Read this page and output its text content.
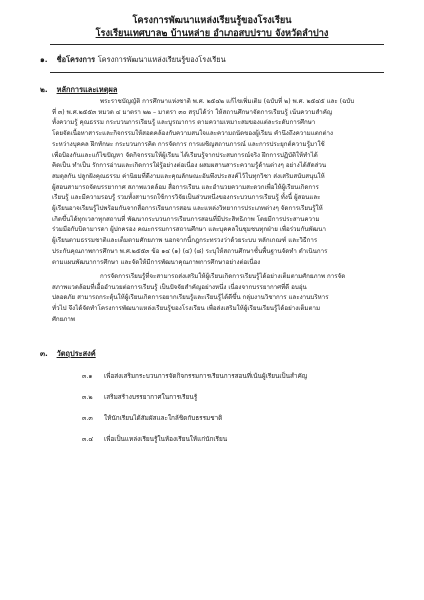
โครงการพัฒนาแหล่งเรียนรู้ของโรงเรียน
โรงเรียนเทศบาล๒ บ้านหล่าย อำเภอสบปราบ จังหวัดลำปาง
๑. ชื่อโครงการ โครงการพัฒนาแหล่งเรียนรู้ของโรงเรียน
๒. หลักการและเหตุผล
พระราชบัญญัติ การศึกษาแห่งชาติ พ.ศ. ๒๕๔๒ แก้ไขเพิ่มเติม (ฉบับที่ ๒) พ.ศ. ๒๕๔๕ และ (ฉบับ
ที่ ๓) พ.ศ.๒๕๕๓ หมวด ๔ มาตรา ๒๒ – มาตรา ๓๐ สรุปได้ว่า ให้สถานศึกษาจัดการเรียนรู้ เน้นความสำคัญ
ทั้งความรู้ คุณธรรม กระบวนการเรียนรู้ และบูรณาการ ตามความเหมาะสมของแต่ละระดับการศึกษา
โดยจัดเนื้อหาสาระและกิจกรรมให้สอดคล้องกับความสนใจและความถนัดของผู้เรียน คำนึงถึงความแตกต่าง
ระหว่างบุคคล ฝึกทักษะ กระบวนการคิด การจัดการ การเผชิญสถานการณ์ และการประยุกต์ความรู้มาใช้
เพื่อป้องกันและแก้ไขปัญหา จัดกิจกรรมให้ผู้เรียน ได้เรียนรู้จากประสบการณ์จริง ฝึกการปฏิบัติให้ทำได้
คิดเป็น ทำเป็น รักการอ่านและเกิดการใฝ่รู้อย่างต่อเนื่อง ผสมผสานสาระความรู้ด้านต่างๆ อย่างได้สัดส่วน
สมดุลกัน ปลูกฝังคุณธรรม ค่านิยมที่ดีงามและคุณลักษณะอันพึงประสงค์ไว้ในทุกวิชา ส่งเสริมสนับสนุนให้
ผู้สอนสามารถจัดบรรยากาศ สภาพแวดล้อม สื่อการเรียน และอำนวยความสะดวกเพื่อให้ผู้เรียนเกิดการ
เรียนรู้ และมีความรอบรู้ รวมทั้งสามารถใช้การวิจัยเป็นส่วนหนึ่งของกระบวนการเรียนรู้ ทั้งนี้ ผู้สอนและ
ผู้เรียนอาจเรียนรู้ไปพร้อมกันจากสื่อการเรียนการสอน และแหล่งวิทยาการประเภทต่างๆ จัดการเรียนรู้ให้
เกิดขึ้นได้ทุกเวลาทุกสถานที่ พัฒนากระบวนการเรียนการสอนที่มีประสิทธิภาพ โดยมีการประสานความ
ร่วมมือกับบิดามารดา ผู้ปกครอง คณะกรรมการสถานศึกษา และบุคคลในชุมชนทุกฝ่าย เพื่อร่วมกันพัฒนา
ผู้เรียนตามธรรมชาติและเต็มตามศักยภาพ นอกจากนี้กฎกระทรวงว่าด้วยระบบ หลักเกณฑ์ และวิธีการ
ประกันคุณภาพการศึกษา พ.ศ.๒๕๕๓ ข้อ ๑๔ (๑) (๔) (๘) ระบุให้สถานศึกษาชั้นพื้นฐานจัดทำ ดำเนินการ
ตามแผนพัฒนาการศึกษา และจัดให้มีการพัฒนาคุณภาพการศึกษาอย่างต่อเนื่อง
การจัดการเรียนรู้ที่จะสามารถส่งเสริมให้ผู้เรียนเกิดการเรียนรู้ได้อย่างเต็มตามศักยภาพ การจัด
สภาพแวดล้อมที่เอื้ออำนวยต่อการเรียนรู้ เป็นปัจจัยสำคัญอย่างหนึ่ง เนื่องจากบรรยากาศที่ดี อบอุ่น
ปลอดภัย สามารถกระตุ้นให้ผู้เรียนเกิดการอยากเรียนรู้และเรียนรู้ได้ดีขึ้น กลุ่มงานวิชาการ และงานบริหาร
ทั่วไป จึงได้จัดทำโครงการพัฒนาแหล่งเรียนรู้ของโรงเรียน เพื่อส่งเสริมให้ผู้เรียนเรียนรู้ได้อย่างเต็มตาม
ศักยภาพ
๓. วัตถุประสงค์
๓.๑ เพื่อส่งเสริมกระบวนการจัดกิจกรรมการเรียนการสอนที่เน้นผู้เรียนเป็นสำคัญ
๓.๒ เสริมสร้างบรรยากาศในการเรียนรู้
๓.๓ ให้นักเรียนได้สัมผัสและใกล้ชิดกับธรรมชาติ
๓.๔ เพื่อเป็นแหล่งเรียนรู้ในห้องเรียนให้แก่นักเรียน
